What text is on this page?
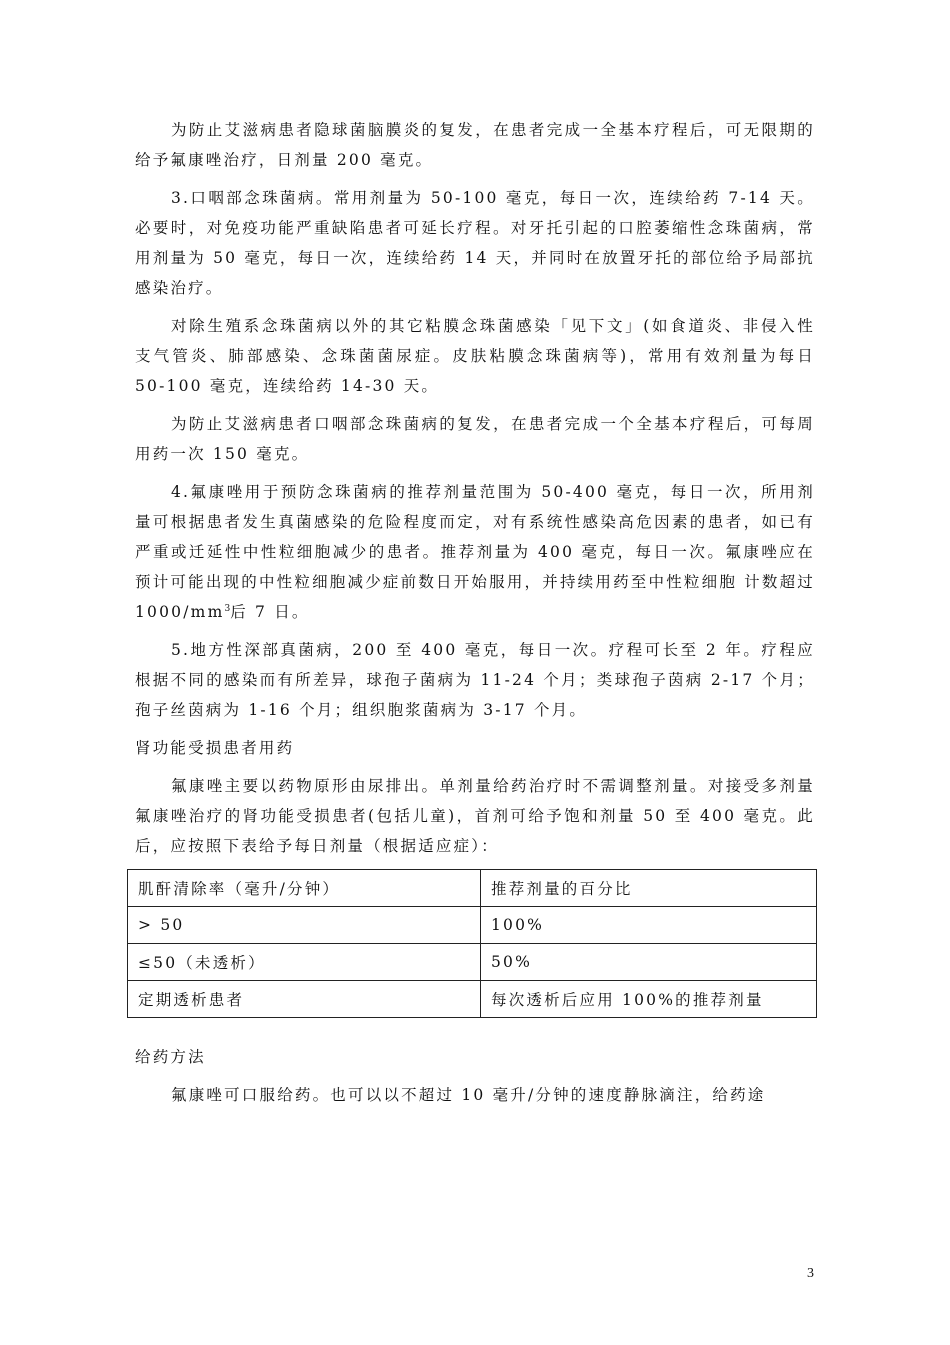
为防止艾滋病患者隐球菌脑膜炎的复发，在患者完成一全基本疗程后，可无限期的给予氟康唑治疗，日剂量 200 毫克。

3.口咽部念珠菌病。常用剂量为 50-100 毫克，每日一次，连续给药 7-14 天。必要时，对免疫功能严重缺陷患者可延长疗程。对牙托引起的口腔萎缩性念珠菌病，常用剂量为 50 毫克，每日一次，连续给药 14 天，并同时在放置牙托的部位给予局部抗感染治疗。

对除生殖系念珠菌病以外的其它粘膜念珠菌感染「见下文」(如食道炎、非侵入性支气管炎、肺部感染、念珠菌菌尿症。皮肤粘膜念珠菌病等)，常用有效剂量为每日 50-100 毫克，连续给药 14-30 天。

为防止艾滋病患者口咽部念珠菌病的复发，在患者完成一个全基本疗程后，可每周用药一次 150 毫克。

4.氟康唑用于预防念珠菌病的推荐剂量范围为 50-400 毫克，每日一次，所用剂量可根据患者发生真菌感染的危险程度而定，对有系统性感染高危因素的患者，如已有严重或迁延性中性粒细胞减少的患者。推荐剂量为 400 毫克，每日一次。氟康唑应在预计可能出现的中性粒细胞减少症前数日开始服用，并持续用药至中性粒细胞 计数超过 $1000/mm^3$后 7 日。

5.地方性深部真菌病，200 至 400 毫克，每日一次。疗程可长至 2 年。疗程应根据不同的感染而有所差异，球孢子菌病为 11-24 个月；类球孢子茵病 2-17 个月；孢子丝茵病为 1-16 个月；组织胞浆菌病为 3-17 个月。

肾功能受损患者用药

氟康唑主要以药物原形由尿排出。单剂量给药治疗时不需调整剂量。对接受多剂量氟康唑治疗的肾功能受损患者(包括儿童)，首剂可给予饱和剂量 50 至 400 毫克。此后，应按照下表给予每日剂量（根据适应症）：

肌酐清除率（毫升/分钟）	推荐剂量的百分比
> 50	100%
≤50（未透析）	50%
定期透析患者	每次透析后应用 100%的推荐剂量

给药方法

氟康唑可口服给药。也可以以不超过 10 毫升/分钟的速度静脉滴注，给药途

3
